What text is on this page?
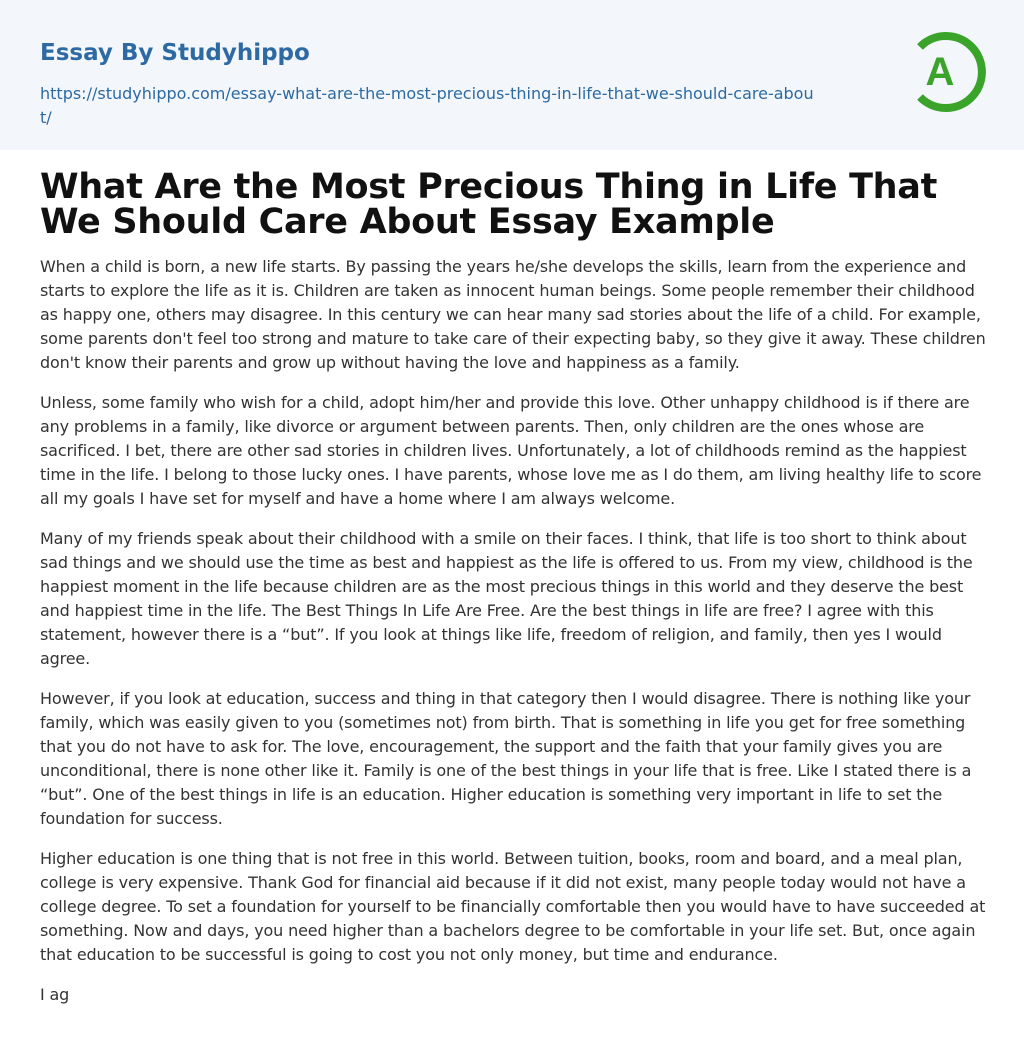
Essay By Studyhippo
https://studyhippo.com/essay-what-are-the-most-precious-thing-in-life-that-we-should-care-about/
A
What Are the Most Precious Thing in Life That We Should Care About Essay Example

When a child is born, a new life starts. By passing the years he/she develops the skills, learn from the experience and starts to explore the life as it is. Children are taken as innocent human beings. Some people remember their childhood as happy one, others may disagree. In this century we can hear many sad stories about the life of a child. For example, some parents don't feel too strong and mature to take care of their expecting baby, so they give it away. These children don't know their parents and grow up without having the love and happiness as a family.

Unless, some family who wish for a child, adopt him/her and provide this love. Other unhappy childhood is if there are any problems in a family, like divorce or argument between parents. Then, only children are the ones whose are sacrificed. I bet, there are other sad stories in children lives. Unfortunately, a lot of childhoods remind as the happiest time in the life. I belong to those lucky ones. I have parents, whose love me as I do them, am living healthy life to score all my goals I have set for myself and have a home where I am always welcome.

Many of my friends speak about their childhood with a smile on their faces. I think, that life is too short to think about sad things and we should use the time as best and happiest as the life is offered to us. From my view, childhood is the happiest moment in the life because children are as the most precious things in this world and they deserve the best and happiest time in the life. The Best Things In Life Are Free. Are the best things in life are free? I agree with this statement, however there is a “but”. If you look at things like life, freedom of religion, and family, then yes I would agree.

However, if you look at education, success and thing in that category then I would disagree. There is nothing like your family, which was easily given to you (sometimes not) from birth. That is something in life you get for free something that you do not have to ask for. The love, encouragement, the support and the faith that your family gives you are unconditional, there is none other like it. Family is one of the best things in your life that is free. Like I stated there is a “but”. One of the best things in life is an education. Higher education is something very important in life to set the foundation for success.

Higher education is one thing that is not free in this world. Between tuition, books, room and board, and a meal plan, college is very expensive. Thank God for financial aid because if it did not exist, many people today would not have a college degree. To set a foundation for yourself to be financially comfortable then you would have to have succeeded at something. Now and days, you need higher than a bachelors degree to be comfortable in your life set. But, once again that education to be successful is going to cost you not only money, but time and endurance.

I ag
